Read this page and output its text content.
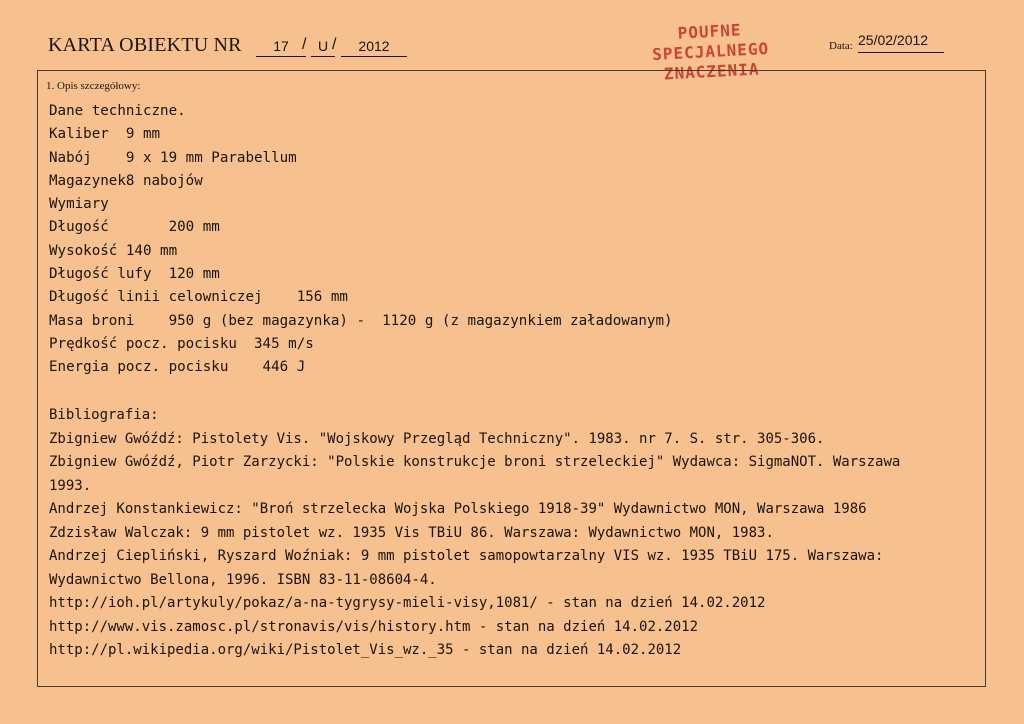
KARTA OBIEKTU NR	17 / U /	2012
POUFNE
SPECJALNEGO
ZNACZENIA
Data: 25/02/2012
1. Opis szczegółowy:
Dane techniczne.
Kaliber  9 mm
Nabój    9 x 19 mm Parabellum
Magazynek8 nabojów
Wymiary
Długość       200 mm
Wysokość 140 mm
Długość lufy  120 mm
Długość linii celowniczej    156 mm
Masa broni    950 g (bez magazynka) -  1120 g (z magazynkiem załadowanym)
Prędkość pocz. pocisku  345 m/s
Energia pocz. pocisku    446 J
Bibliografia:
Zbigniew Gwóźdź: Pistolety Vis. "Wojskowy Przegląd Techniczny". 1983. nr 7. S. str. 305-306.
Zbigniew Gwóźdź, Piotr Zarzycki: "Polskie konstrukcje broni strzeleckiej" Wydawca: SigmaNOT. Warszawa
1993.
Andrzej Konstankiewicz: "Broń strzelecka Wojska Polskiego 1918-39" Wydawnictwo MON, Warszawa 1986
Zdzisław Walczak: 9 mm pistolet wz. 1935 Vis TBiU 86. Warszawa: Wydawnictwo MON, 1983.
Andrzej Ciepliński, Ryszard Woźniak: 9 mm pistolet samopowtarzalny VIS wz. 1935 TBiU 175. Warszawa:
Wydawnictwo Bellona, 1996. ISBN 83-11-08604-4.
http://ioh.pl/artykuly/pokaz/a-na-tygrysy-mieli-visy,1081/ - stan na dzień 14.02.2012
http://www.vis.zamosc.pl/stronavis/vis/history.htm - stan na dzień 14.02.2012
http://pl.wikipedia.org/wiki/Pistolet_Vis_wz._35 - stan na dzień 14.02.2012
